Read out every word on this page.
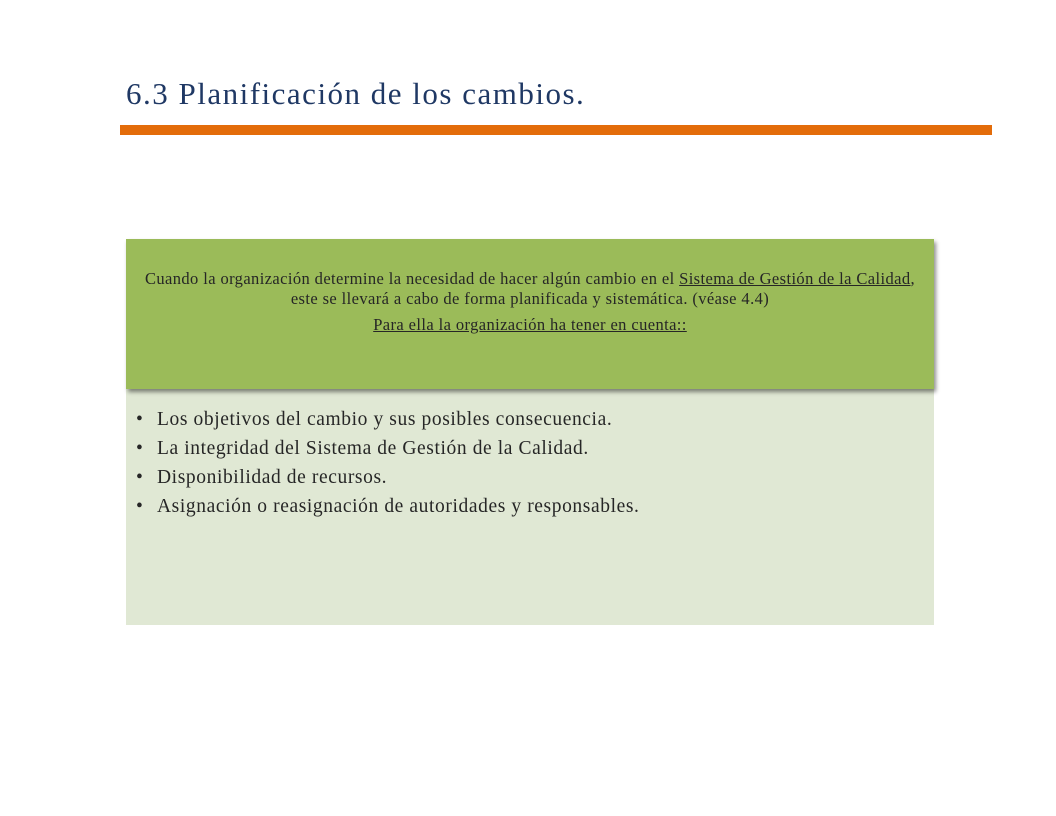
6.3 Planificación de los cambios.
Cuando la organización determine la necesidad de hacer algún cambio en el Sistema de Gestión de la Calidad, este se llevará a cabo de forma planificada y sistemática. (véase 4.4)
Para ella la organización ha tener en cuenta::
• Los objetivos del cambio y sus posibles consecuencia.
• La integridad del Sistema de Gestión de la Calidad.
• Disponibilidad de recursos.
• Asignación o reasignación de autoridades y responsables.
